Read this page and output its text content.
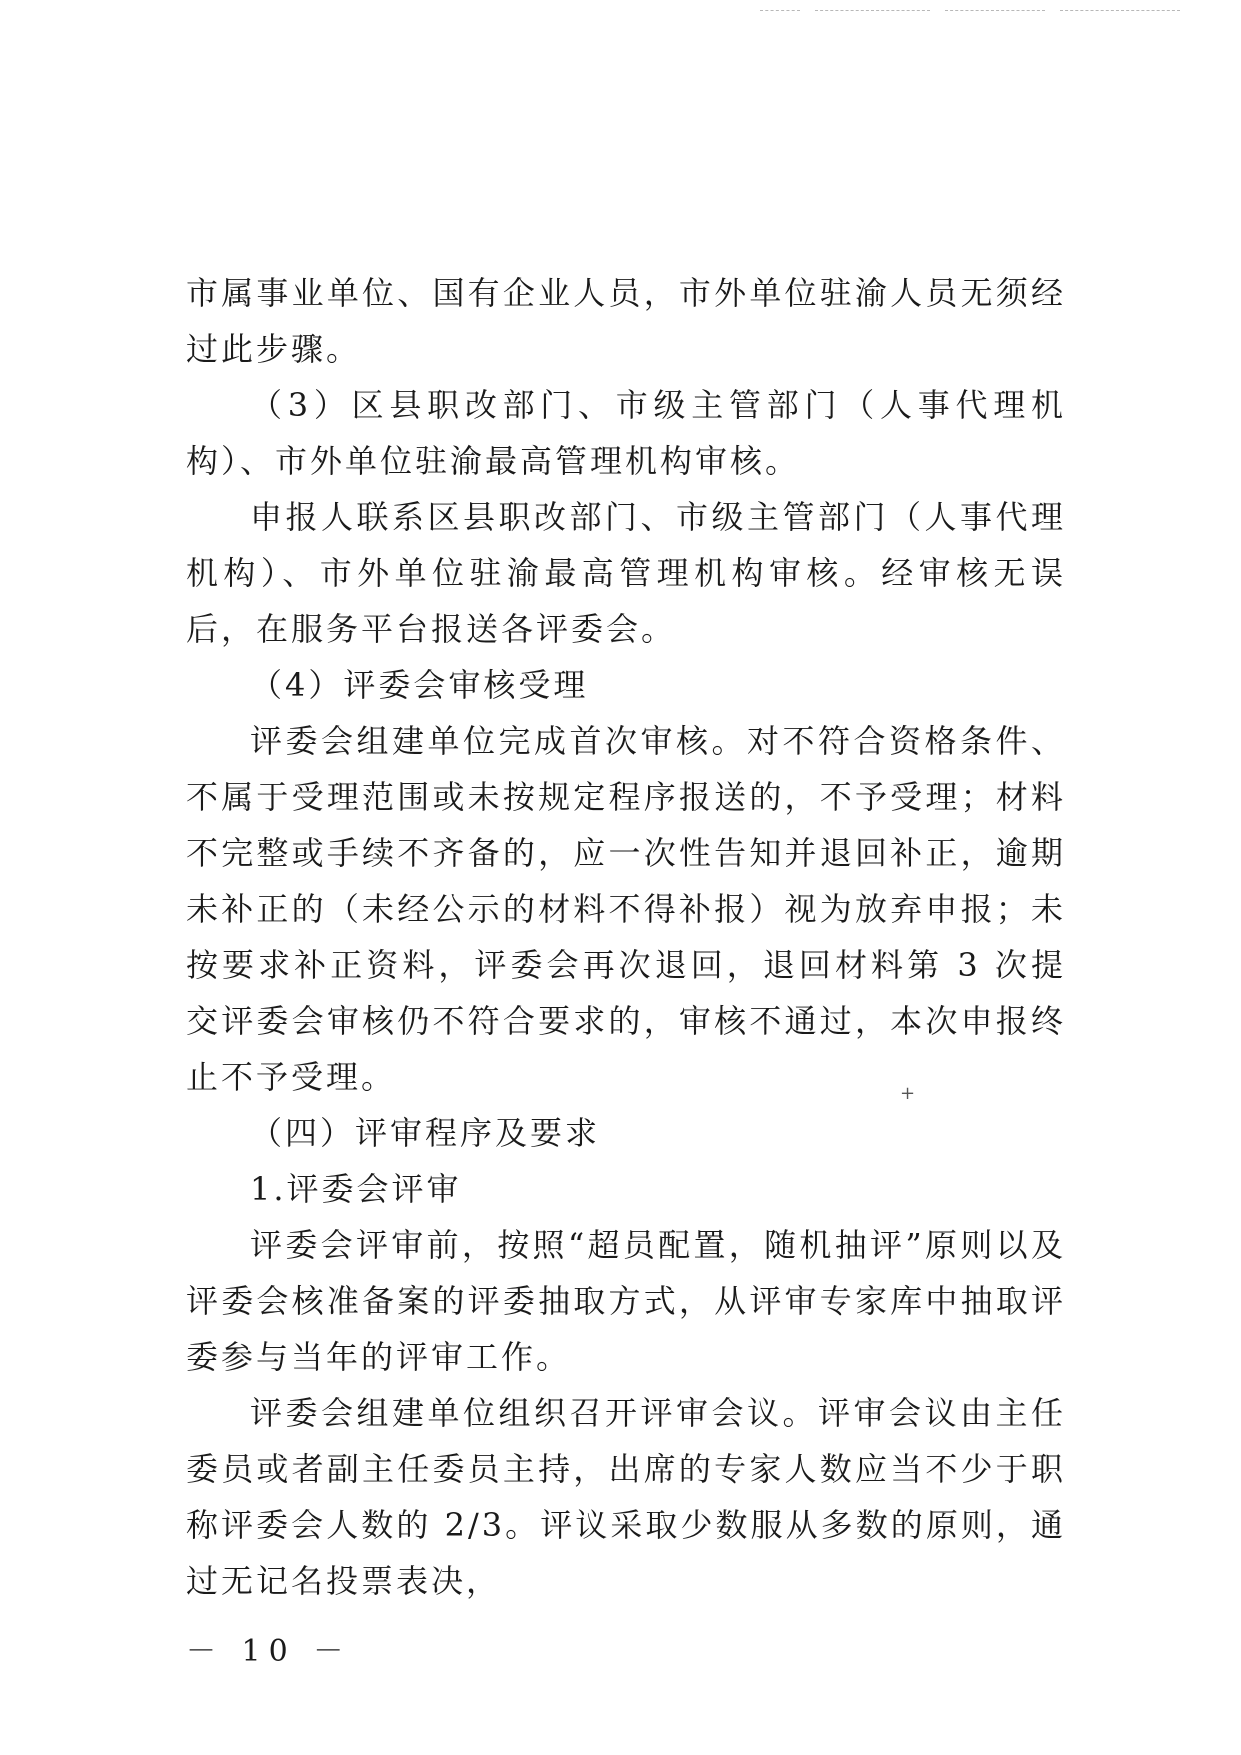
市属事业单位、国有企业人员，市外单位驻渝人员无须经过此步骤。

（3）区县职改部门、市级主管部门（人事代理机构）、市外单位驻渝最高管理机构审核。

申报人联系区县职改部门、市级主管部门（人事代理机构）、市外单位驻渝最高管理机构审核。经审核无误后，在服务平台报送各评委会。

（4）评委会审核受理

评委会组建单位完成首次审核。对不符合资格条件、不属于受理范围或未按规定程序报送的，不予受理；材料不完整或手续不齐备的，应一次性告知并退回补正，逾期未补正的（未经公示的材料不得补报）视为放弃申报；未按要求补正资料，评委会再次退回，退回材料第 3 次提交评委会审核仍不符合要求的，审核不通过，本次申报终止不予受理。

（四）评审程序及要求

1.评委会评审

评委会评审前，按照“超员配置，随机抽评”原则以及评委会核准备案的评委抽取方式，从评审专家库中抽取评委参与当年的评审工作。

评委会组建单位组织召开评审会议。评审会议由主任委员或者副主任委员主持，出席的专家人数应当不少于职称评委会人数的 2/3。评议采取少数服从多数的原则，通过无记名投票表决，

+
－ 10 －
